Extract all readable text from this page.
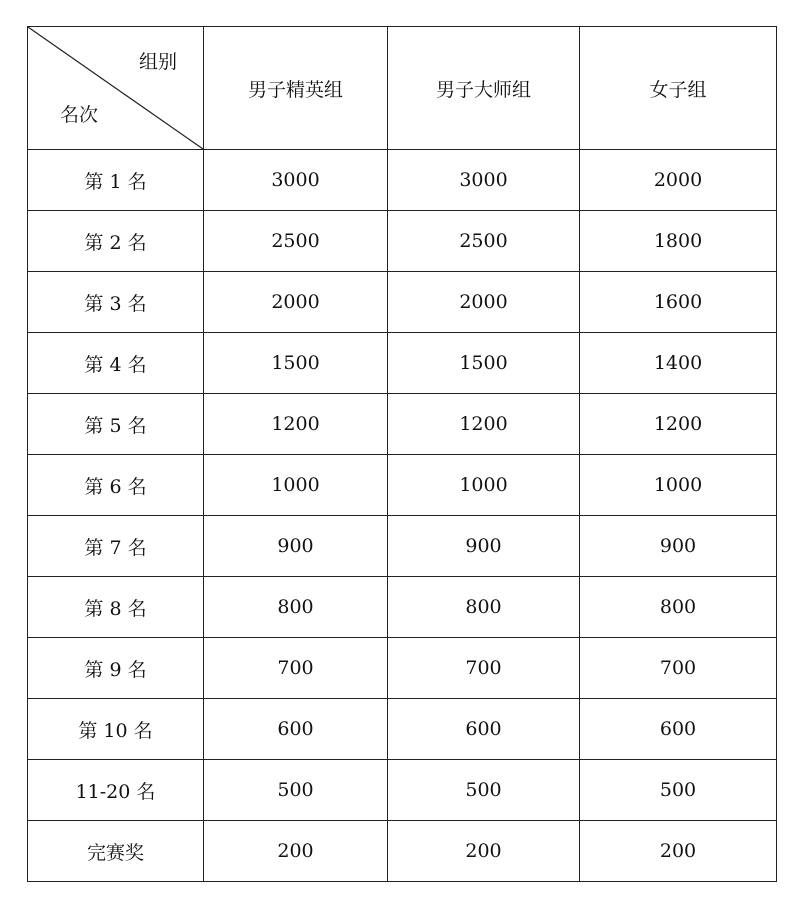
组别
名次	男子精英组	男子大师组	女子组
第 1 名	3000	3000	2000
第 2 名	2500	2500	1800
第 3 名	2000	2000	1600
第 4 名	1500	1500	1400
第 5 名	1200	1200	1200
第 6 名	1000	1000	1000
第 7 名	900	900	900
第 8 名	800	800	800
第 9 名	700	700	700
第 10 名	600	600	600
11-20 名	500	500	500
完赛奖	200	200	200
